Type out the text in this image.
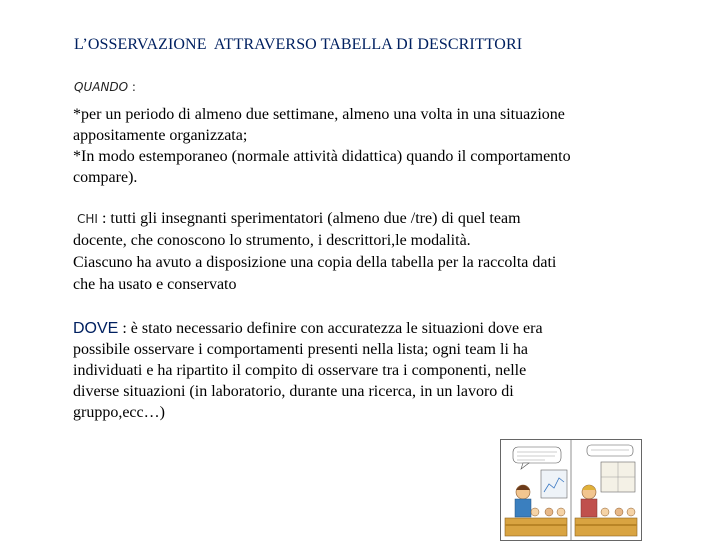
L’OSSERVAZIONE  ATTRAVERSO TABELLA DI DESCRITTORI
QUANDO :
*per un periodo di almeno due settimane, almeno una volta in una situazione
appositamente organizzata;
*In modo estemporaneo (normale attività didattica) quando il comportamento
compare).
CHI : tutti gli insegnanti sperimentatori (almeno due /tre) di quel team
docente, che conoscono lo strumento, i descrittori,le modalità.
Ciascuno ha avuto a disposizione una copia della tabella per la raccolta dati
che ha usato e conservato
DOVE : è stato necessario definire con accuratezza le situazioni dove era
possibile osservare i comportamenti presenti nella lista; ogni team li ha
individuati e ha ripartito il compito di osservare tra i componenti, nelle
diverse situazioni (in laboratorio, durante una ricerca, in un lavoro di
gruppo,ecc…)
